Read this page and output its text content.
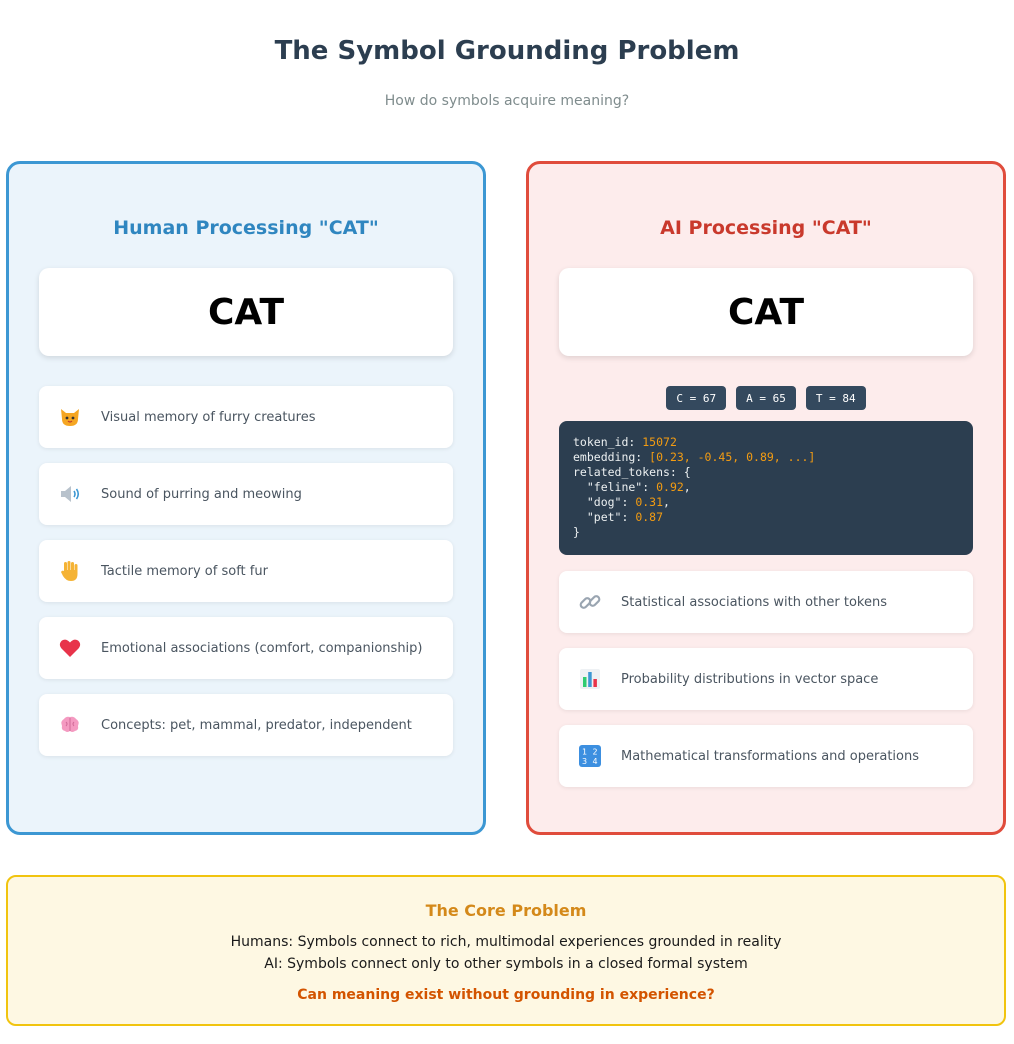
The Symbol Grounding Problem
How do symbols acquire meaning?
Human Processing "CAT"
CAT
Visual memory of furry creatures
Sound of purring and meowing
Tactile memory of soft fur
Emotional associations (comfort, companionship)
Concepts: pet, mammal, predator, independent
AI Processing "CAT"
CAT
C = 67	A = 65	T = 84
token_id: 15072
embedding: [0.23, -0.45, 0.89, ...]
related_tokens: {
"feline": 0.92,
"dog": 0.31,
"pet": 0.87
}
Statistical associations with other tokens
Probability distributions in vector space
1 2
3 4 Mathematical transformations and operations
The Core Problem
Humans: Symbols connect to rich, multimodal experiences grounded in reality
AI: Symbols connect only to other symbols in a closed formal system
Can meaning exist without grounding in experience?
